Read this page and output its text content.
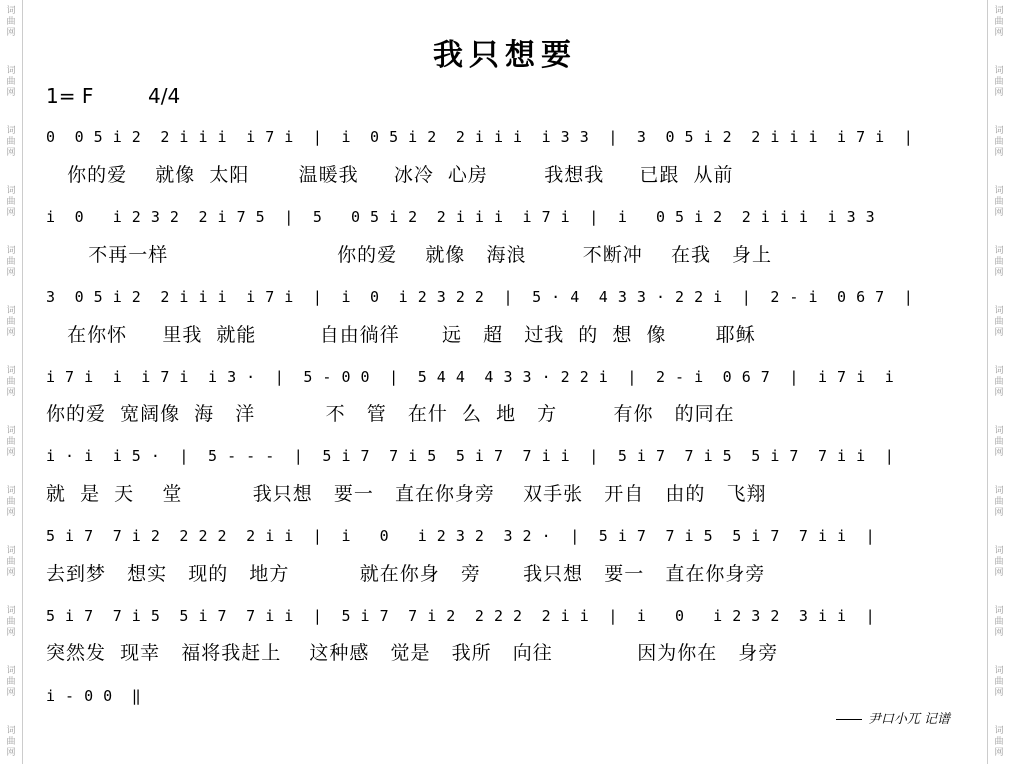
词 曲 网
词 曲 网
词 曲 网
词 曲 网
词 曲 网
词 曲 网
词 曲 网
词 曲 网
词 曲 网
词 曲 网
词 曲 网
词 曲 网
词 曲 网
词 曲 网
词 曲 网
词 曲 网
词 曲 网
词 曲 网
词 曲 网
词 曲 网
词 曲 网
词 曲 网
词 曲 网
词 曲 网
词 曲 网
词 曲 网
我只想要
1= F	4/4
0  0 5 i 2  2 i i i  i 7 i  |  i  0 5 i 2  2 i i i  i 3 3  |  3  0 5 i 2  2 i i i  i 7 i  |
你的爱    就像  太阳       温暖我     冰冷  心房        我想我     已跟  从前
i  0   i 2 3 2  2 i 7 5  |  5   0 5 i 2  2 i i i  i 7 i  |  i   0 5 i 2  2 i i i  i 3 3
不再一样                        你的爱    就像   海浪        不断冲    在我   身上
3  0 5 i 2  2 i i i  i 7 i  |  i  0  i 2 3 2 2  |  5 · 4  4 3 3 · 2 2 i  |  2 - i  0 6 7  |
在你怀     里我  就能         自由徜徉      远   超   过我  的  想  像       耶稣
i 7 i  i  i 7 i  i 3 ·  |  5 - 0 0  |  5 4 4  4 3 3 · 2 2 i  |  2 - i  0 6 7  |  i 7 i  i
你的爱  宽阔像  海   洋          不   管   在什  么  地   方        有你   的同在
i · i  i 5 ·  |  5 - - -  |  5 i 7  7 i 5  5 i 7  7 i i  |  5 i 7  7 i 5  5 i 7  7 i i  |
就  是  天    堂          我只想   要一   直在你身旁    双手张   开自   由的   飞翔
5 i 7  7 i 2  2 2 2  2 i i  |  i   0   i 2 3 2  3 2 ·  |  5 i 7  7 i 5  5 i 7  7 i i  |
去到梦   想实   现的   地方          就在你身   旁      我只想   要一   直在你身旁
5 i 7  7 i 5  5 i 7  7 i i  |  5 i 7  7 i 2  2 2 2  2 i i  |  i   0   i 2 3 2  3 i i  |
突然发  现幸   福将我赶上    这种感   觉是   我所   向往            因为你在   身旁
i - 0 0  ‖
尹口小兀 记谱
